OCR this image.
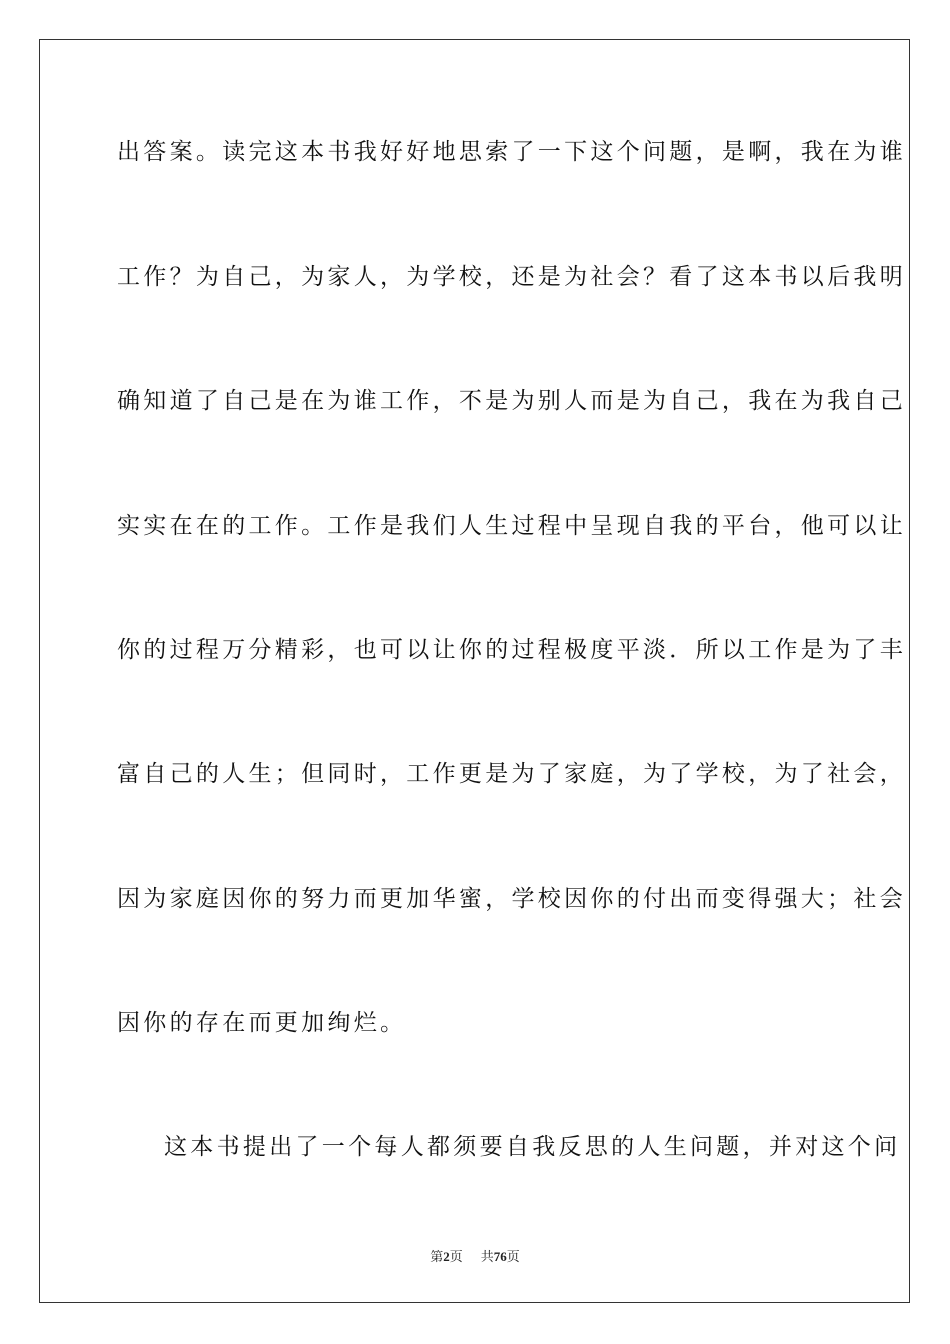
出答案。读完这本书我好好地思索了一下这个问题，是啊，我在为谁
工作？为自己，为家人，为学校，还是为社会？看了这本书以后我明
确知道了自己是在为谁工作，不是为别人而是为自己，我在为我自己
实实在在的工作。工作是我们人生过程中呈现自我的平台，他可以让
你的过程万分精彩，也可以让你的过程极度平淡．所以工作是为了丰
富自己的人生；但同时，工作更是为了家庭，为了学校，为了社会，
因为家庭因你的努力而更加华蜜，学校因你的付出而变得强大；社会
因你的存在而更加绚烂。
这本书提出了一个每人都须要自我反思的人生问题，并对这个问
第2页 共76页
